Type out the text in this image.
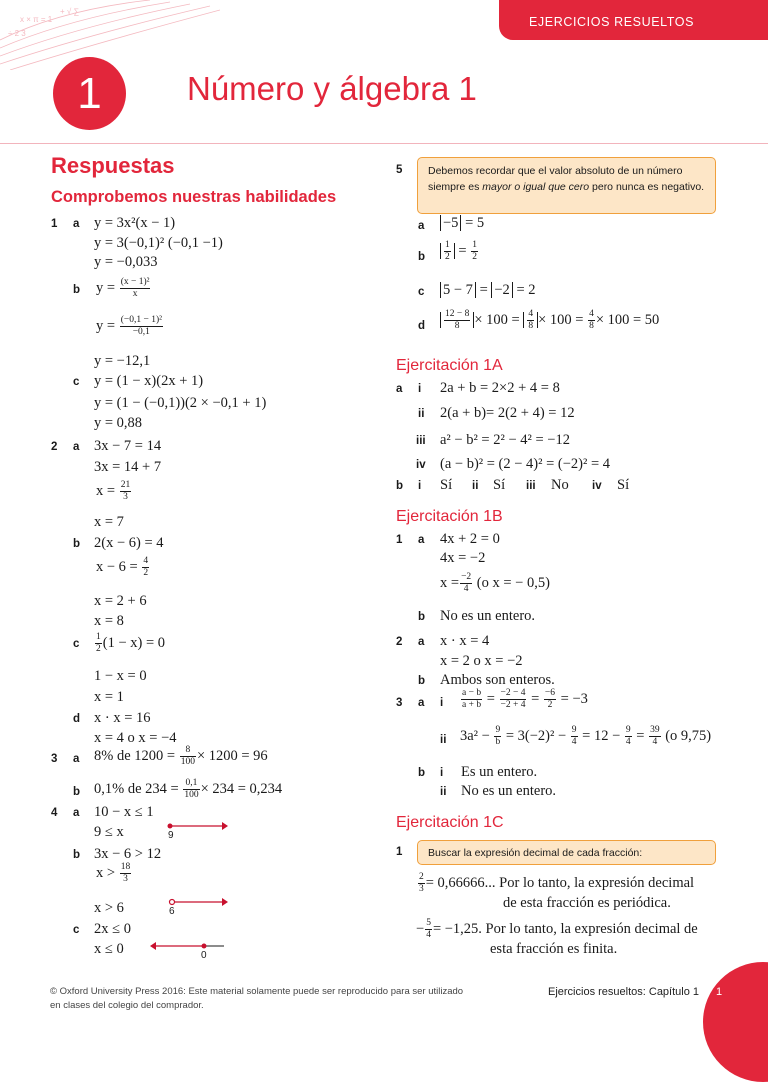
x × π = 1
+ √ ∑
÷ 2 3
EJERCICIOS RESUELTOS
1	Número y álgebra 1
Respuestas
Comprobemos nuestras habilidades
1 a y = 3x²(x − 1)
y = 3(−0,1)² (−0,1 −1)
y = −0,033
b $y = \frac{\text{(x − 1)²}}{x}$
$y = \frac{\text{(−0,1 − 1)²}}{-0,1}$
y = −12,1
c y = (1 − x)(2x + 1)
y = (1 − (−0,1))(2 × −0,1 + 1)
y = 0,88
2 a 3x − 7 = 14
3x = 14 + 7
$x = \frac{21}{3}$
x = 7
b 2(x − 6) = 4
$x - 6 = \frac{4}{2}$
x = 2 + 6
x = 8
c $\frac{1}{2} (1 - x) = 0$
1 − x = 0
x = 1
d x · x = 16
x = 4 o x = −4
3 a 8% de $1200 = \frac{8}{100} \times 1200 = 96$
b 0,1% de $234 = \frac{0,1}{100} \times 234 = 0,234$
4 a 10 − x ≤ 1
9 ≤ x	9
b 3x − 6 > 12
$x > \frac{18}{3}$
x > 6	6
c 2x ≤ 0
x ≤ 0	0
5	Debemos recordar que el valor absoluto de un número siempre es mayor o igual que cero pero nunca es negativo.
a −5 = 5
b $\frac{1}{2} = \frac{1}{2}$
c 5 − 7 = −2 = 2
d $\frac{12 - 8}{8} \times 100 = \frac{4}{8} \times 100 = \frac{4}{8} \times 100 = 50$
Ejercitación 1A
a i 2a + b = 2×2 + 4 = 8
ii 2(a + b)= 2(2 + 4) = 12
iii a² − b² = 2² − 4² = −12
iv (a − b)² = (2 − 4)² = (−2)² = 4
b i Sí ii Sí iii No iv Sí
Ejercitación 1B
1 a 4x + 2 = 0
4x = −2
$x = \frac{-2}{4} (o$ x = − 0,5)
b No es un entero.
2 a x · x = 4
x = 2 o x = −2
b Ambos son enteros.
3 a i $\frac{a - b}{a + b} = \frac{-2 - 4}{-2 + 4} = \frac{-6}{2} = -3$
ii $3a^2 - \frac{9}{b} = 3(-2)^2 - \frac{9}{4} = 12 - \frac{9}{4} = \frac{39}{4} (o$ 9,75)
b i Es un entero.
ii No es un entero.
Ejercitación 1C
1	Buscar la expresión decimal de cada fracción:
$\frac{2}{3} = 0,66666$... Por lo tanto, la expresión decimal
de esta fracción es periódica.
− $\frac{5}{4} = -1,25$. Por lo tanto, la expresión decimal de
esta fracción es finita.
© Oxford University Press 2016: Este material solamente puede ser reproducido para ser utilizado en clases del colegio del comprador.
Ejercicios resueltos: Capítulo 1 1
